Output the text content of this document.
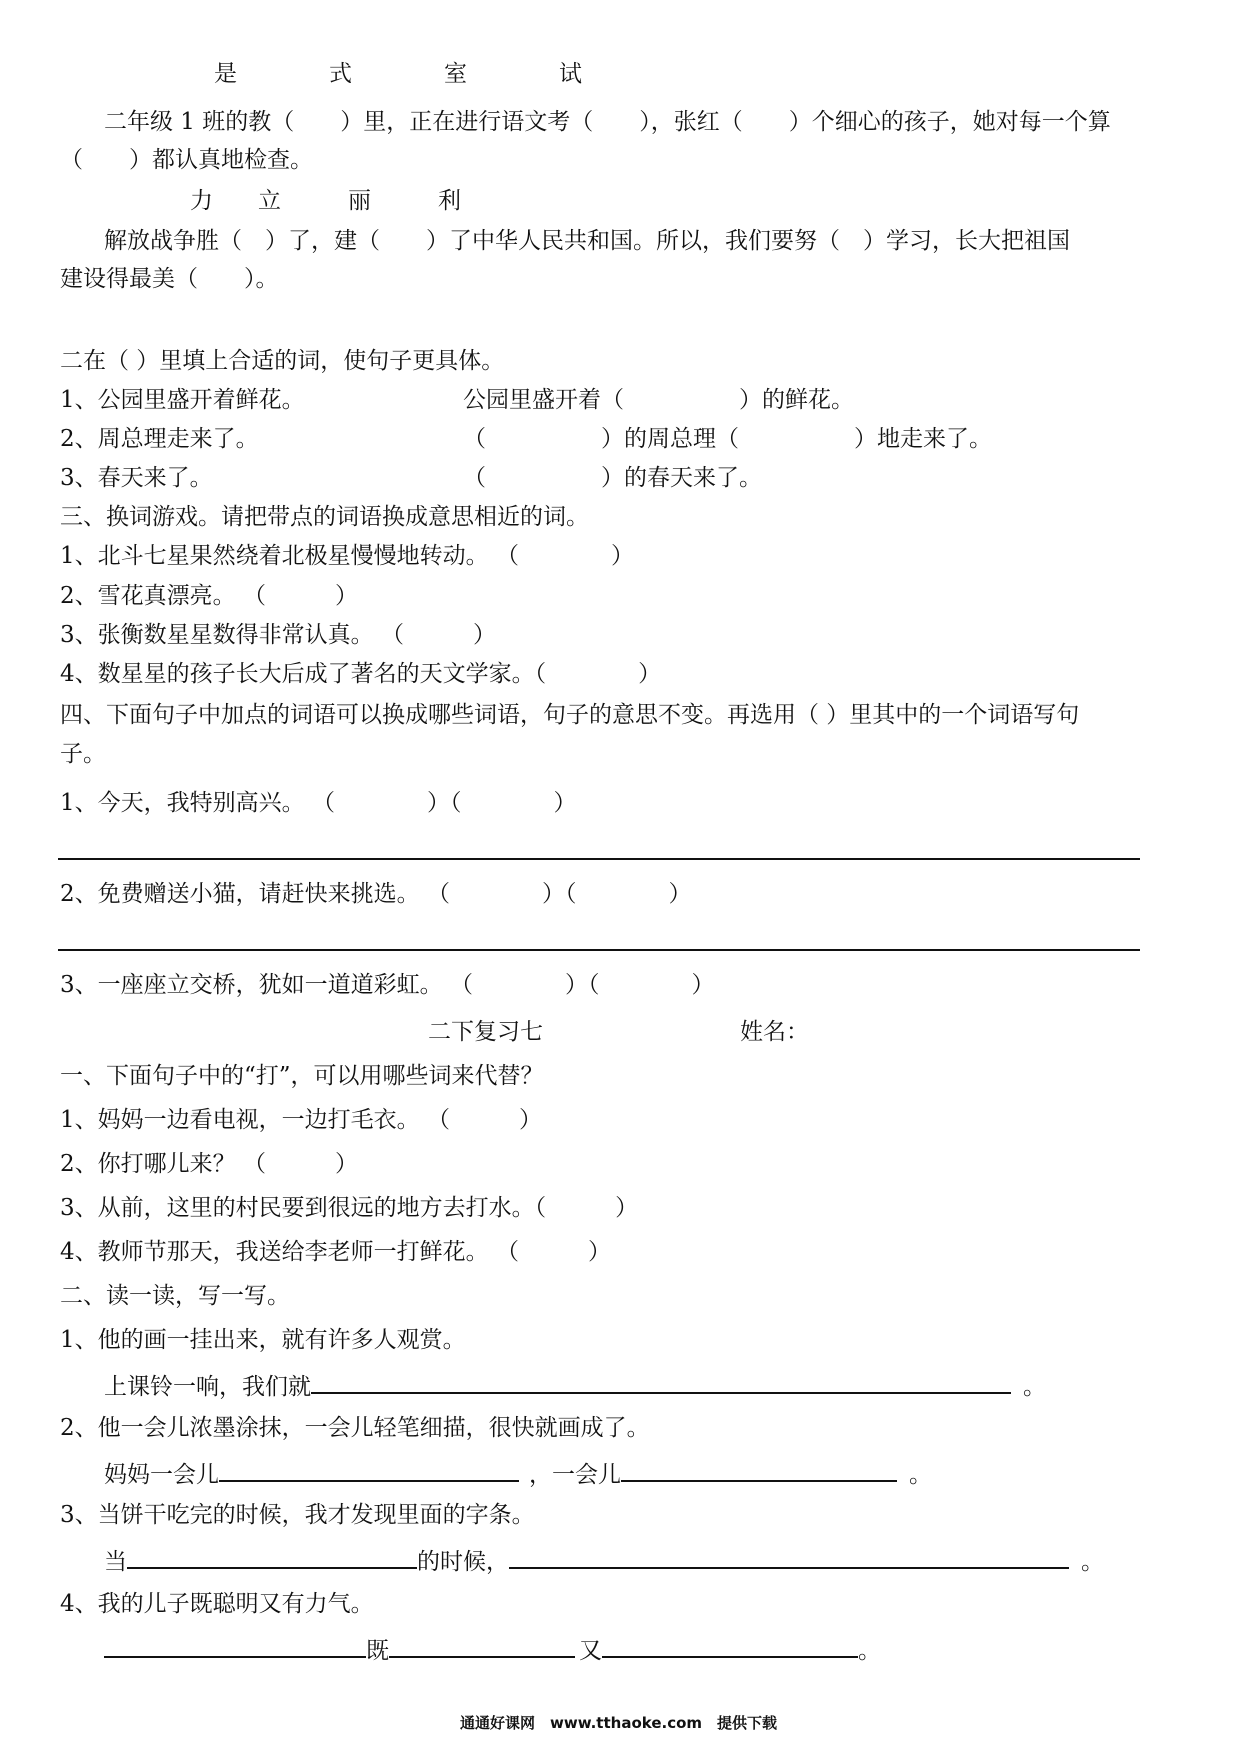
是	式	室	试
二年级 1 班的教（　　）里，正在进行语文考（　　），张红（　　）个细心的孩子，她对每一个算
（　　）都认真地检查。
力 立	丽	利
解放战争胜（　）了，建（　　）了中华人民共和国。所以，我们要努（　）学习，长大把祖国
建设得最美（　　）。
二在（ ）里填上合适的词，使句子更具体。
1、公园里盛开着鲜花。	公园里盛开着（　　　　　）的鲜花。
2、周总理走来了。	（　　　　　）的周总理（　　　　　）地走来了。
3、春天来了。	（　　　　　）的春天来了。
三、换词游戏。请把带点的词语换成意思相近的词。
1、北斗七星果然绕着北极星慢慢地转动。 （　　　　）
2、雪花真漂亮。 （　　　）
3、张衡数星星数得非常认真。 （　　　）
4、数星星的孩子长大后成了著名的天文学家。（　　　　）
四、下面句子中加点的词语可以换成哪些词语，句子的意思不变。再选用（ ）里其中的一个词语写句
子。
1、今天，我特别高兴。 （　　　　）（　　　　）
2、免费赠送小猫，请赶快来挑选。 （　　　　）（　　　　）
3、一座座立交桥，犹如一道道彩虹。 （　　　　）（　　　　）
二下复习七	姓名：
一、下面句子中的“打”，可以用哪些词来代替？
1、妈妈一边看电视，一边打毛衣。 （　　　）
2、你打哪儿来？ （　　　）
3、从前，这里的村民要到很远的地方去打水。（　　　）
4、教师节那天，我送给李老师一打鲜花。 （　　　）
二、读一读，写一写。
1、他的画一挂出来，就有许多人观赏。
上课铃一响，我们就	。
2、他一会儿浓墨涂抹，一会儿轻笔细描，很快就画成了。
妈妈一会儿	，一会儿	。
3、当饼干吃完的时候，我才发现里面的字条。
当	的时候，	。
4、我的儿子既聪明又有力气。
既	又	。
通通好课网　www.tthaoke.com　提供下载
